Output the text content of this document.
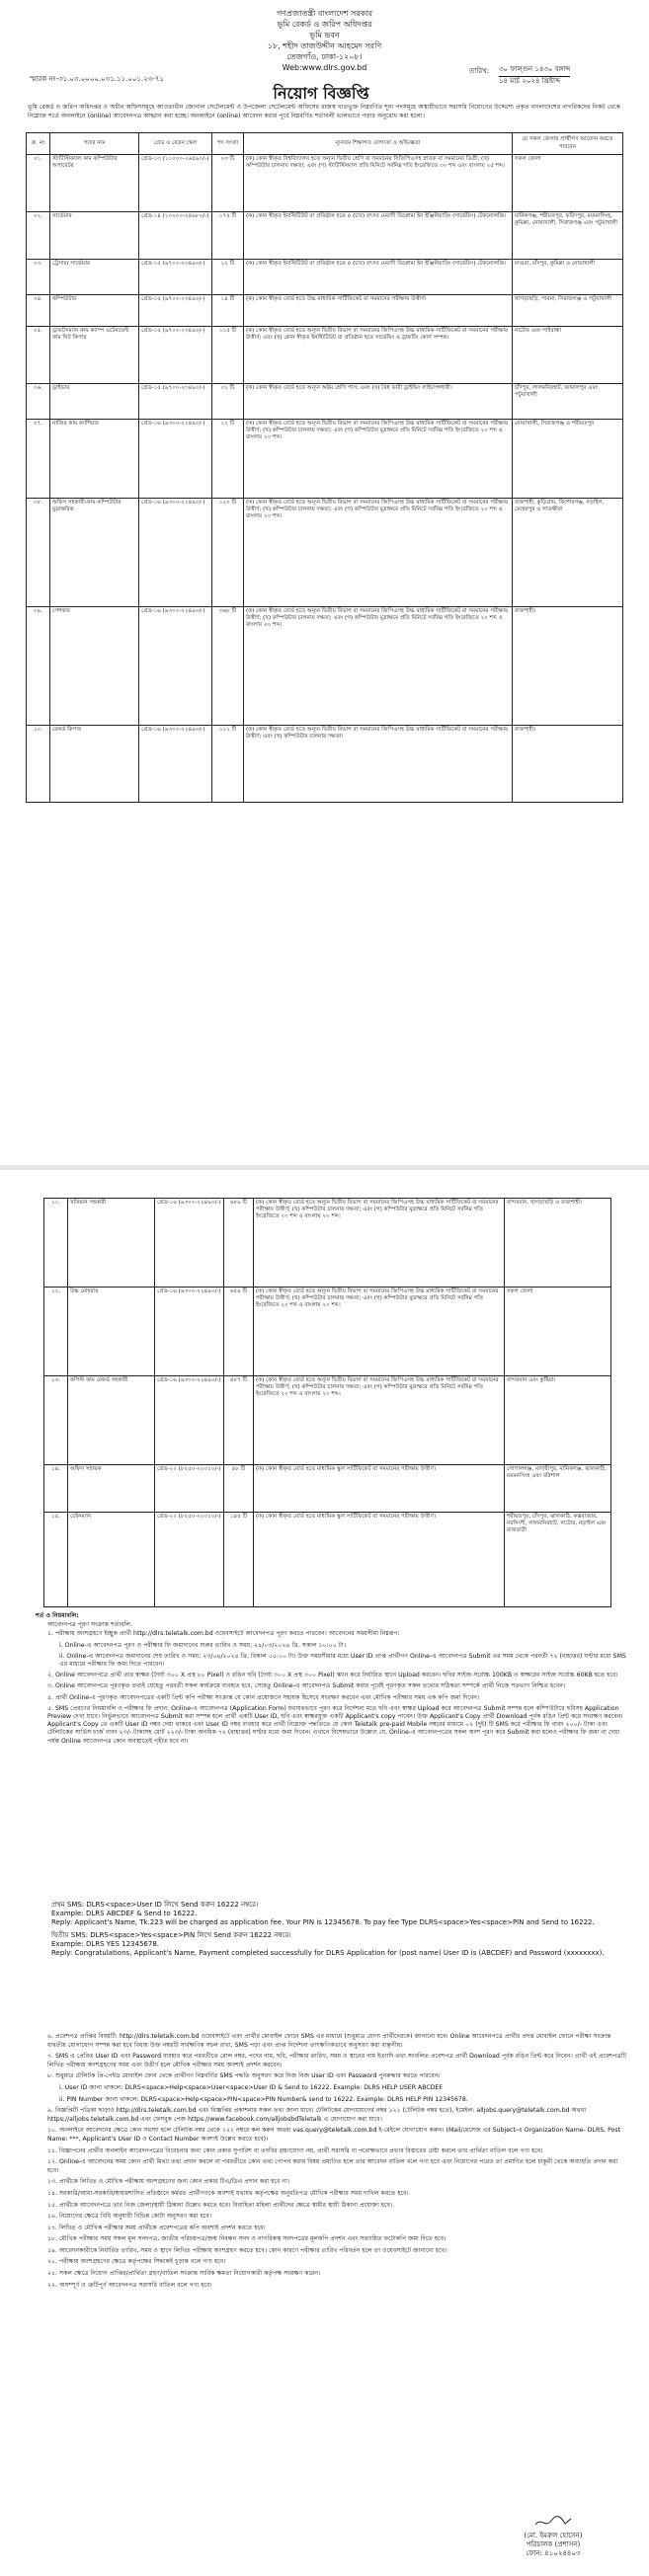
গণপ্রজাতন্ত্রী বাংলাদেশ সরকার
ভূমি রেকর্ড ও জরিপ অধিদপ্তর
ভূমি ভবন
১৮, শহীদ তাজউদ্দীন আহমেদ সরণি
তেজগাঁও, ঢাকা-১২০৮।
Web:www.dlrs.gov.bd
স্মারক নং-৩১.০৩.০০০০.০৩১.১১.০০১.২৩-৭১
তারিখ: ৩০ ফাল্গুন ১৪৩০ বঙ্গাব্দ
১৪ মার্চ ২০২৪ খ্রিষ্টাব্দ
নিয়োগ বিজ্ঞপ্তি
ভূমি রেকর্ড ও জরিপ অধিদপ্তর ও অধীন অফিসসমূহে আওতাধীন জোনাল সেটেলমেন্ট ও উপজেলা সেটেলমেন্ট অফিসের রাজস্ব খাতভুক্ত নিম্নবর্ণিত শূন্য পদসমূহে অস্থায়ীভাবে সরাসরি নিয়োগের উদ্দেশ্যে প্রকৃত বাংলাদেশের নাগরিকদের নিকট থেকে নিম্নোক্ত শর্তে অনলাইনে (online) আবেদনপত্র আহ্বান করা হচ্ছে। অনলাইনে (online) আবেদন করার পূর্বে নিম্নবর্ণিত শর্তাবলী ভালভাবে পড়ার অনুরোধ করা হলো।
ক্র. নং	পদের নাম	গ্রেড ও বেতন স্কেল	পদ সংখ্যা	ন্যূনতম শিক্ষাগত যোগ্যতা ও অভিজ্ঞতা	যে সকল জেলার প্রার্থীগণ আবেদন করতে পারবেন
০১.	স্টাটিস্টিক্যাল কাম কম্পিউটার অপারেটর	গ্রেড-১৩ (১১০০০-২৬৫৯০/-)	০৩ টি	(ক) কোন স্বীকৃত বিশ্ববিদ্যালয় হতে অন্যূন দ্বিতীয় শ্রেণি বা সমমানের সিজিপিএসহ স্নাতক বা সমমানের ডিগ্রী; (খ) কম্পিউটার চালনায় দক্ষতা; এবং (গ) স্টাটিস্টিক্যাল প্রতি মিনিটে সর্বনিম্ন গতি ইংরেজিতে ৩০ শব্দ এবং বাংলায় ২৫ শব্দ।	সকল জেলা
০২.	সার্ভেয়ার	গ্রেড-১৪ (১০২০০-২৪৬৮০/-)	১৭৫ টি	(ক) কোন স্বীকৃত ইনস্টিটিউট বা প্রতিষ্ঠান হতে ৪ (চার) বৎসর মেয়াদী ডিপ্লোমা ইন ইঞ্জিনিয়ারিং (সার্ভেয়িং) টেকনোলজি।	মানিকগঞ্জ, শরীয়তপুর, ফরিদপুর, ময়মনসিংহ, কুমিল্লা, নোয়াখালী, সিরাজগঞ্জ এবং পটুয়াখালী
০৩.	ট্রেসার/ সার্ভেয়ার	গ্রেড-১৫ (৯৭০০-২৩৪৯০/-)	১২ টি	(ক) কোন স্বীকৃত ইনস্টিটিউট বা প্রতিষ্ঠান হতে ৪ (চার) বৎসর মেয়াদী ডিপ্লোমা ইন ইঞ্জিনিয়ারিং (সার্ভেয়িং) টেকনোলজি।	মাগুরা, চাঁদপুর, কুমিল্লা ও নোয়াখালী
০৪.	কম্পিউটার	গ্রেড-১৫ (৯৭০০-২৩৪৯০/-)	১৪ টি	(ক) কোন স্বীকৃত বোর্ড হতে উচ্চ মাধ্যমিক সার্টিফিকেট বা সমমানের পরীক্ষায় উত্তীর্ণ।	খাগড়াছড়ি, পাবনা, সিরাজগঞ্জ ও পটুয়াখালী
০৫.	ড্রাফটসম্যান কাম ক্যাম্প এটেনডেন্ট কাম সিট কিপার	গ্রেড-১৫ (৯৭০০-২৩৪৯০/-)	১১৫ টি	(ক) কোন স্বীকৃত বোর্ড হতে অন্যূন দ্বিতীয় বিভাগ বা সমমানের জিপিএসহ উচ্চ মাধ্যমিক সার্টিফিকেট বা সমমানের পরীক্ষায় উত্তীর্ণ; এবং (খ) কোন স্বীকৃত ইনস্টিটিউট বা প্রতিষ্ঠান হতে সার্ভেয়িং ও ড্রাফটিং কোর্স সম্পন্ন।	নাটোর এবং গাইবান্ধা
০৬.	ড্রাইভার	গ্রেড-১৫ (৯৭০০-২৩৪৯০/-)	০১ টি	(ক) কোন স্বীকৃত বোর্ড হতে অন্যূন অষ্টম শ্রেণি পাস; এবং (খ) বৈধ ভারী ড্রাইভিং লাইসেন্সধারী।	চাঁদপুর, লালমনিরহাট, জামালপুর এবং পটুয়াখালী
০৭.	নাজির কাম ক্যাশিয়ার	গ্রেড-১৬ (৯৩০০-২২৪৯০/-)	১২ টি	(ক) কোন স্বীকৃত বোর্ড হতে অন্যূন দ্বিতীয় বিভাগ বা সমমানের জিপিএসহ উচ্চ মাধ্যমিক সার্টিফিকেট বা সমমানের পরীক্ষায় উত্তীর্ণ; (খ) কম্পিউটার চালনায় দক্ষতা; এবং (গ) কম্পিউটার মুদ্রাক্ষরে প্রতি মিনিটে সর্বনিম্ন গতি ইংরেজিতে ২০ শব্দ ও বাংলায় ২০ শব্দ।	নোয়াখালী, সিরাজগঞ্জ ও শরীয়তপুর
০৮.	অফিস সহকারী-কাম-কম্পিউটার মুদ্রাক্ষরিক	গ্রেড-১৬ (৯৩০০-২২৪৯০/-)	১২০ টি	(ক) কোন স্বীকৃত বোর্ড হতে অন্যূন দ্বিতীয় বিভাগ বা সমমানের জিপিএসহ উচ্চ মাধ্যমিক সার্টিফিকেট বা সমমানের পরীক্ষায় উত্তীর্ণ; (খ) কম্পিউটার চালনায় দক্ষতা; এবং (গ) কম্পিউটার মুদ্রাক্ষরে প্রতি মিনিটে সর্বনিম্ন গতি ইংরেজিতে ২০ শব্দ ও বাংলায় ২০ শব্দ।	রাজশাহী, কুড়িগ্রাম, কিশোরগঞ্জ, নড়াইল, মেহেরপুর ও সাতক্ষীরা
০৯.	পেশকার	গ্রেড-১৬ (৯৩০০-২২৪৯০/-)	৩৬৮ টি	(ক) কোন স্বীকৃত বোর্ড হতে অন্যূন দ্বিতীয় বিভাগ বা সমমানের জিপিএসহ উচ্চ মাধ্যমিক সার্টিফিকেট বা সমমানের পরীক্ষায় উত্তীর্ণ; (খ) কম্পিউটার চালনায় দক্ষতা; এবং (গ) কম্পিউটার মুদ্রাক্ষরে প্রতি মিনিটে সর্বনিম্ন গতি ইংরেজিতে ২০ শব্দ ও বাংলায় ২০ শব্দ।	রাজশাহী।
১০.	রেকর্ড কিপার	গ্রেড-১৬ (৯৩০০-২২৪৯০/-)	১১১ টি	(ক) কোন স্বীকৃত বোর্ড হতে অন্যূন দ্বিতীয় বিভাগ বা সমমানের জিপিএসহ উচ্চ মাধ্যমিক সার্টিফিকেট বা সমমানের পরীক্ষায় উত্তীর্ণ; এবং (খ) কম্পিউটার চালনায় দক্ষতা।	রাজশাহী।
১১.	খতিয়ান সহকারী	গ্রেড-১৬ (৯৩০০-২২৪৯০/-)	৬৮৯ টি	(ক) কোন স্বীকৃত বোর্ড হতে অন্যূন দ্বিতীয় বিভাগ বা সমমানের জিপিএসহ উচ্চ মাধ্যমিক সার্টিফিকেট বা সমমানের পরীক্ষায় উত্তীর্ণ; (খ) কম্পিউটার চালনায় দক্ষতা; এবং (গ) কম্পিউটার মুদ্রাক্ষরে প্রতি মিনিটে সর্বনিম্ন গতি ইংরেজিতে ২০ শব্দ ও বাংলায় ২০ শব্দ।	বান্দরবান, খাগড়াছড়ি ও রাজশাহী।
১২.	উচ্চ মোহরার	গ্রেড-১৬ (৯৩০০-২২৪৯০/-)	৬৫৯ টি	(ক) কোন স্বীকৃত বোর্ড হতে অন্যূন দ্বিতীয় বিভাগ বা সমমানের জিপিএসহ উচ্চ মাধ্যমিক সার্টিফিকেট বা সমমানের পরীক্ষায় উত্তীর্ণ; (খ) কম্পিউটার চালনায় দক্ষতা; এবং (গ) কম্পিউটার মুদ্রাক্ষরে প্রতি মিনিটে সর্বনিম্ন গতি ইংরেজিতে ২০ শব্দ ও বাংলায় ২০ শব্দ।	সকল জেলা
১৩.	কপিস্ট কাম রেকর্ড সহকারী	গ্রেড-১৬ (৯৩০০-২২৪৯০/-)	৪৮৭ টি	(ক) কোন স্বীকৃত বোর্ড হতে অন্যূন দ্বিতীয় বিভাগ বা সমমানের জিপিএসহ উচ্চ মাধ্যমিক সার্টিফিকেট বা সমমানের পরীক্ষায় উত্তীর্ণ; (খ) কম্পিউটার চালনায় দক্ষতা; এবং (গ) কম্পিউটার মুদ্রাক্ষরে প্রতি মিনিটে সর্বনিম্ন গতি ইংরেজিতে ২০ শব্দ ও বাংলায় ২০ শব্দ।	বান্দরবান এবং কুষ্টিয়া।
১৪.	অফিস সহায়ক	গ্রেড-২০ (৮২৫০-২০০১০/-)	৪৮ টি	(ক) কোন স্বীকৃত বোর্ড হতে মাধ্যমিক স্কুল সার্টিফিকেট বা সমমানের পরীক্ষায় উত্তীর্ণ।	গোপালগঞ্জ, মাদারীপুর, মানিকগঞ্জ, ঝালকাঠি, ময়মনসিংহ এবং বরিশাল
১৫.	চেইনম্যান	গ্রেড-২০ (৮২৫০-২০০১০/-)	১৪৫ টি	(ক) কোন স্বীকৃত বোর্ড হতে মাধ্যমিক স্কুল সার্টিফিকেট বা সমমানের পরীক্ষায় উত্তীর্ণ।	শরীয়তপুর, চাঁদপুর, ঝালকাঠি, কক্সবাজার, নরসিংদী, লালমনিরহাট, নাটোর, নড়াইল এবং রাজবাড়ী

শর্ত ও নিয়মাবলি:

আবেদনপত্র পূরণ সংক্রান্ত শর্তাবলি:

১. পরীক্ষায় অংশগ্রহণে ইচ্ছুক প্রার্থী http://dlrs.teletalk.com.bd ওয়েবসাইটে আবেদনপত্র পূরণ করতে পারবেন। আবেদনের সময়সীমা নিম্নরূপ:

i. Online-এ আবেদনপত্র পূরণ ও পরীক্ষার ফি জমাদানের শুরুর তারিখ ও সময়: ২৪/০৩/২০২৪ খ্রি. সকাল ১০:০০ টা।

ii. Online-এ আবেদনপত্র জমাদানের শেষ তারিখ ও সময়: ২৩/০৪/২০২৪ খ্রি. বিকাল ০৫:০০ টা। উক্ত সময়সীমার মধ্যে User ID প্রাপ্ত প্রার্থীগণ Online-এ আবেদনপত্র Submit এর সময় থেকে পরবর্তী ৭২ (বাহাত্তর) ঘণ্টার মধ্যে SMS এর মাধ্যমে পরীক্ষার ফি জমা দিতে পারবেন।

২. Online আবেদনপত্রে প্রার্থী তার স্বাক্ষর (দৈর্ঘ্য ৩০০ X প্রস্থ ৮০ Pixel) ও রঙিন ছবি (দৈর্ঘ্য ৩০০ X প্রস্থ ৩০০ Pixel) স্ক্যান করে নির্ধারিত স্থানে Upload করবেন। ছবির সাইজ সর্বোচ্চ 100KB ও স্বাক্ষরের সাইজ সর্বোচ্চ 60KB হতে হবে।

৩. Online আবেদনপত্রে পূরণকৃত তথ্যই যেহেতু পরবর্তী সকল কার্যক্রমে ব্যবহৃত হবে, সেহেতু Online-এ আবেদনপত্র Submit করার পূর্বেই পূরণকৃত সকল তথ্যের সঠিকতা সম্পর্কে প্রার্থী নিজে শতভাগ নিশ্চিত হবেন।

৪. প্রার্থী Online-এ পূরণকৃত আবেদনপত্রের একটি প্রিন্ট কপি পরীক্ষা সংক্রান্ত যে কোন প্রয়োজনে সহায়ক হিসেবে সংরক্ষণ করবেন এবং মৌখিক পরীক্ষার সময় এক কপি জমা দিবেন।

৫. SMS প্রেরণের নিয়মাবলি ও পরীক্ষার ফি প্রদান: Online-এ আবেদনপত্র (Application Form) যথাযথভাবে পূরণ করে নির্দেশনা মতে ছবি এবং স্বাক্ষর Upload করে আবেদনপত্র Submit সম্পন্ন হলে কম্পিউটারে ছবিসহ Application Preview দেখা যাবে। নির্ভুলভাবে আবেদনপত্র Submit করা সম্পন্ন হলে প্রার্থী একটি User ID, ছবি এবং স্বাক্ষরযুক্ত একটি Applicant's copy পাবেন। উক্ত Applicant's Copy প্রার্থী Download পূর্বক রঙিন প্রিন্ট করে সংরক্ষণ করবেন। Applicant's Copy তে একটি User ID নম্বর দেয়া থাকবে এবং User ID নম্বর ব্যবহার করে প্রার্থী নিম্নোক্ত পদ্ধতিতে যে কোন Teletalk pre-paid Mobile নম্বরের মাধ্যমে ০২ (দুই) টি SMS করে পরীক্ষার ফি বাবদ ২০০/- টাকা এবং টেলিটকের সার্ভিস চার্জ বাবদ ২৩/- টাকাসহ মোট ২২৩/- টাকা অনধিক ৭২ (বাহাত্তর) ঘণ্টার মধ্যে জমা দিবেন। এখানে বিশেষভাবে উল্লেখ্য যে, Online-এ আবেদনপত্রের সকল অংশ পূরণ করে Submit করা হলেও পরীক্ষার ফি জমা না দেয়া পর্যন্ত Online আবেদনপত্র কোন অবস্থাতেই গৃহীত হবে না।

প্রথম SMS: DLRS<space>User ID লিখে Send করুন 16222 নম্বরে।

Example: DLRS ABCDEF & Send to 16222.

Reply: Applicant's Name, Tk.223 will be charged as application fee. Your PIN is 12345678. To pay fee Type DLRS<space>Yes<space>PIN and Send to 16222.

দ্বিতীয় SMS: DLRS<space>Yes<space>PIN লিখে Send করুন 16222 নম্বরে।

Example: DLRS YES 12345678.

Reply: Congratulations, Applicant's Name, Payment completed successfully for DLRS Application for (post name) User ID is (ABCDEF) and Password (xxxxxxxx).

৬. প্রবেশপত্র প্রাপ্তির বিষয়টি: http://dlrs.teletalk.com.bd ওয়েবসাইটে এবং প্রার্থীর মোবাইল ফোনে SMS এর মাধ্যমে (শুধুমাত্র যোগ্য প্রার্থীদেরকে) জানানো হবে। Online আবেদনপত্রে প্রার্থীর প্রদত্ত মোবাইল ফোনে পরীক্ষা সংক্রান্ত যাবতীয় যোগাযোগ সম্পন্ন করা হবে বিধায় উক্ত নম্বরটি সার্বক্ষণিক সচল রাখা, SMS পড়া এবং প্রাপ্ত নির্দেশনা তাৎক্ষণিকভাবে অনুসরণ করা বাঞ্ছনীয়।

৭. SMS এ প্রেরিত User ID এবং Password ব্যবহার করে পরবর্তীতে রোল নম্বর, পদের নাম, ছবি, পরীক্ষার তারিখ, সময় ও স্থানের নাম ইত্যাদি তথ্য সংবলিত প্রবেশপত্র প্রার্থী Download পূর্বক রঙিন প্রিন্ট করে নিবেন। প্রার্থী এই প্রবেশপত্রটি লিখিত পরীক্ষায় অংশগ্রহণের সময় এবং উত্তীর্ণ হলে মৌখিক পরীক্ষার সময় অবশ্যই প্রদর্শন করবেন।

৮. শুধুমাত্র টেলিটক প্রি-পেইড মোবাইল ফোন থেকে প্রার্থীগণ নিম্নবর্ণিত SMS পদ্ধতি অনুসরণ করে নিজ নিজ User ID এবং Password পুনরুদ্ধার করতে পারবেন।

i. User ID জানা থাকলে: DLRS<space>Help<space>User<space>User ID & Send to 16222. Example: DLRS HELP USER ABCDEF.

ii. PIN Number জানা থাকলে: DLRS<space>Help<space>PIN<space>PIN Number& send to 16222. Example: DLRS HELP PIN 12345678.

৯. বিজ্ঞপ্তিটি পত্রিকা ছাড়াও http://dlrs.teletalk.com.bd এবং বিজ্ঞপ্তির প্রকাশনার সকল তথ্য জানা যাবে। টেলিটকের যোগাযোগের নম্বর ১২১ (টেলিটক নম্বর হতে), ইমেইল: alljobs.query@teletalk.com.bd অথবা https://alljobs.teletalk.com.bd এবং ফেসবুক পেজ https://www.facebook.com/alljobsbdTeletalk এ যোগাযোগ করা যাবে।

১০. অনলাইনে আবেদনের ক্ষেত্রে কোন সমস্যা হলে টেলিটক নম্বর থেকে ১২১ নম্বরে কল করুন অথবা vas.query@teletalk.com.bd ই-মেইলে যোগাযোগ করুন। (Mail/মেসেজ এর Subject-এ Organization Name- DLRS, Post Name: ***, Applicant's User ID ও Contact Number অবশ্যই উল্লেখ করতে হবে)।

১১. বিজ্ঞাপনের প্রার্থীর অনলাইন আবেদনপত্রের বিবেচনার জন্য কোন প্রকার সুপারিশ বা তদবির গ্রহণযোগ্য নয়, প্রার্থী সরাসরি বা পরোক্ষভাবে প্রভাব বিস্তারের চেষ্টা করলে তার প্রার্থিতা বাতিল বলে গণ্য হবে।

১২. Online-এ আবেদনের সময় কোন প্রার্থী মিথ্যা তথ্য প্রদান করলে বা পরবর্তীতে কোন তথ্য গোপন করার বিষয় প্রমাণিত হলে তার আবেদন বাতিল বলে গণ্য হবে এবং নিয়োগের পরেও তা প্রমাণিত হলে চাকুরী থেকে অব্যাহতি প্রদান করা হবে।

১৩. প্রার্থীকে লিখিত ও মৌখিক পরীক্ষায় অংশগ্রহণের জন্য কোন প্রকার টিএ/ডিএ প্রদান করা হবে না।

১৪. সরকারি/আধা-সরকারি/স্বায়ত্তশাসিত প্রতিষ্ঠানে কর্মরত প্রার্থীগণকে অবশ্যই যথাযথ কর্তৃপক্ষের অনুমতিপত্র মৌখিক পরীক্ষার সময় দাখিল করতে হবে।

১৫. প্রার্থীকে আবেদনপত্রে তার নিজ জেলা/স্থায়ী ঠিকানা উল্লেখ করতে হবে। বিবাহিতা মহিলা প্রার্থীদের ক্ষেত্রে স্বামীর স্থায়ী ঠিকানা প্রযোজ্য হবে।

১৬. নিয়োগের ক্ষেত্রে বিধি অনুযায়ী বিভিন্ন কোটা অনুসরণ করা হবে।

১৭. লিখিত ও মৌখিক পরীক্ষার সময় প্রার্থীকে প্রবেশপত্রের কপি অবশ্যই প্রদর্শন করতে হবে।

১৮. মৌখিক পরীক্ষার সময় সকল মূল সনদপত্র, জাতীয় পরিচয়পত্র/জন্ম নিবন্ধন সনদ ও নাগরিকত্ব সনদপত্রের মূলকপি প্রদর্শন এবং সত্যায়িত ফটোকপি জমা দিতে হবে।

১৯. আবেদনকারীকে নির্ধারিত তারিখ, সময় ও স্থানে লিখিত পরীক্ষায় অংশগ্রহণ করতে হবে। কোন কারণে পরীক্ষার তারিখ পরিবর্তন হলে তা ওয়েবসাইটে জানানো হবে।

২০. পরীক্ষায় অংশগ্রহণের ক্ষেত্রে কর্তৃপক্ষের সিদ্ধান্তই চূড়ান্ত বলে গণ্য হবে।

২১. সকল ক্ষেত্রে নিয়োগ প্রাপ্তির/প্রার্থিতা গ্রহণ/বাতিল সংক্রান্ত সার্বিক ক্ষমতা নিয়োগকারী কর্তৃপক্ষ সংরক্ষণ করেন।

২২. অসম্পূর্ণ ও ত্রুটিপূর্ণ আবেদনপত্র সরাসরি বাতিল বলে গণ্য হবে।

(মো. ইমরুল হোসেন)
পরিচালক (প্রশাসন)
ফোন: ৪১০২৪৪০৩
